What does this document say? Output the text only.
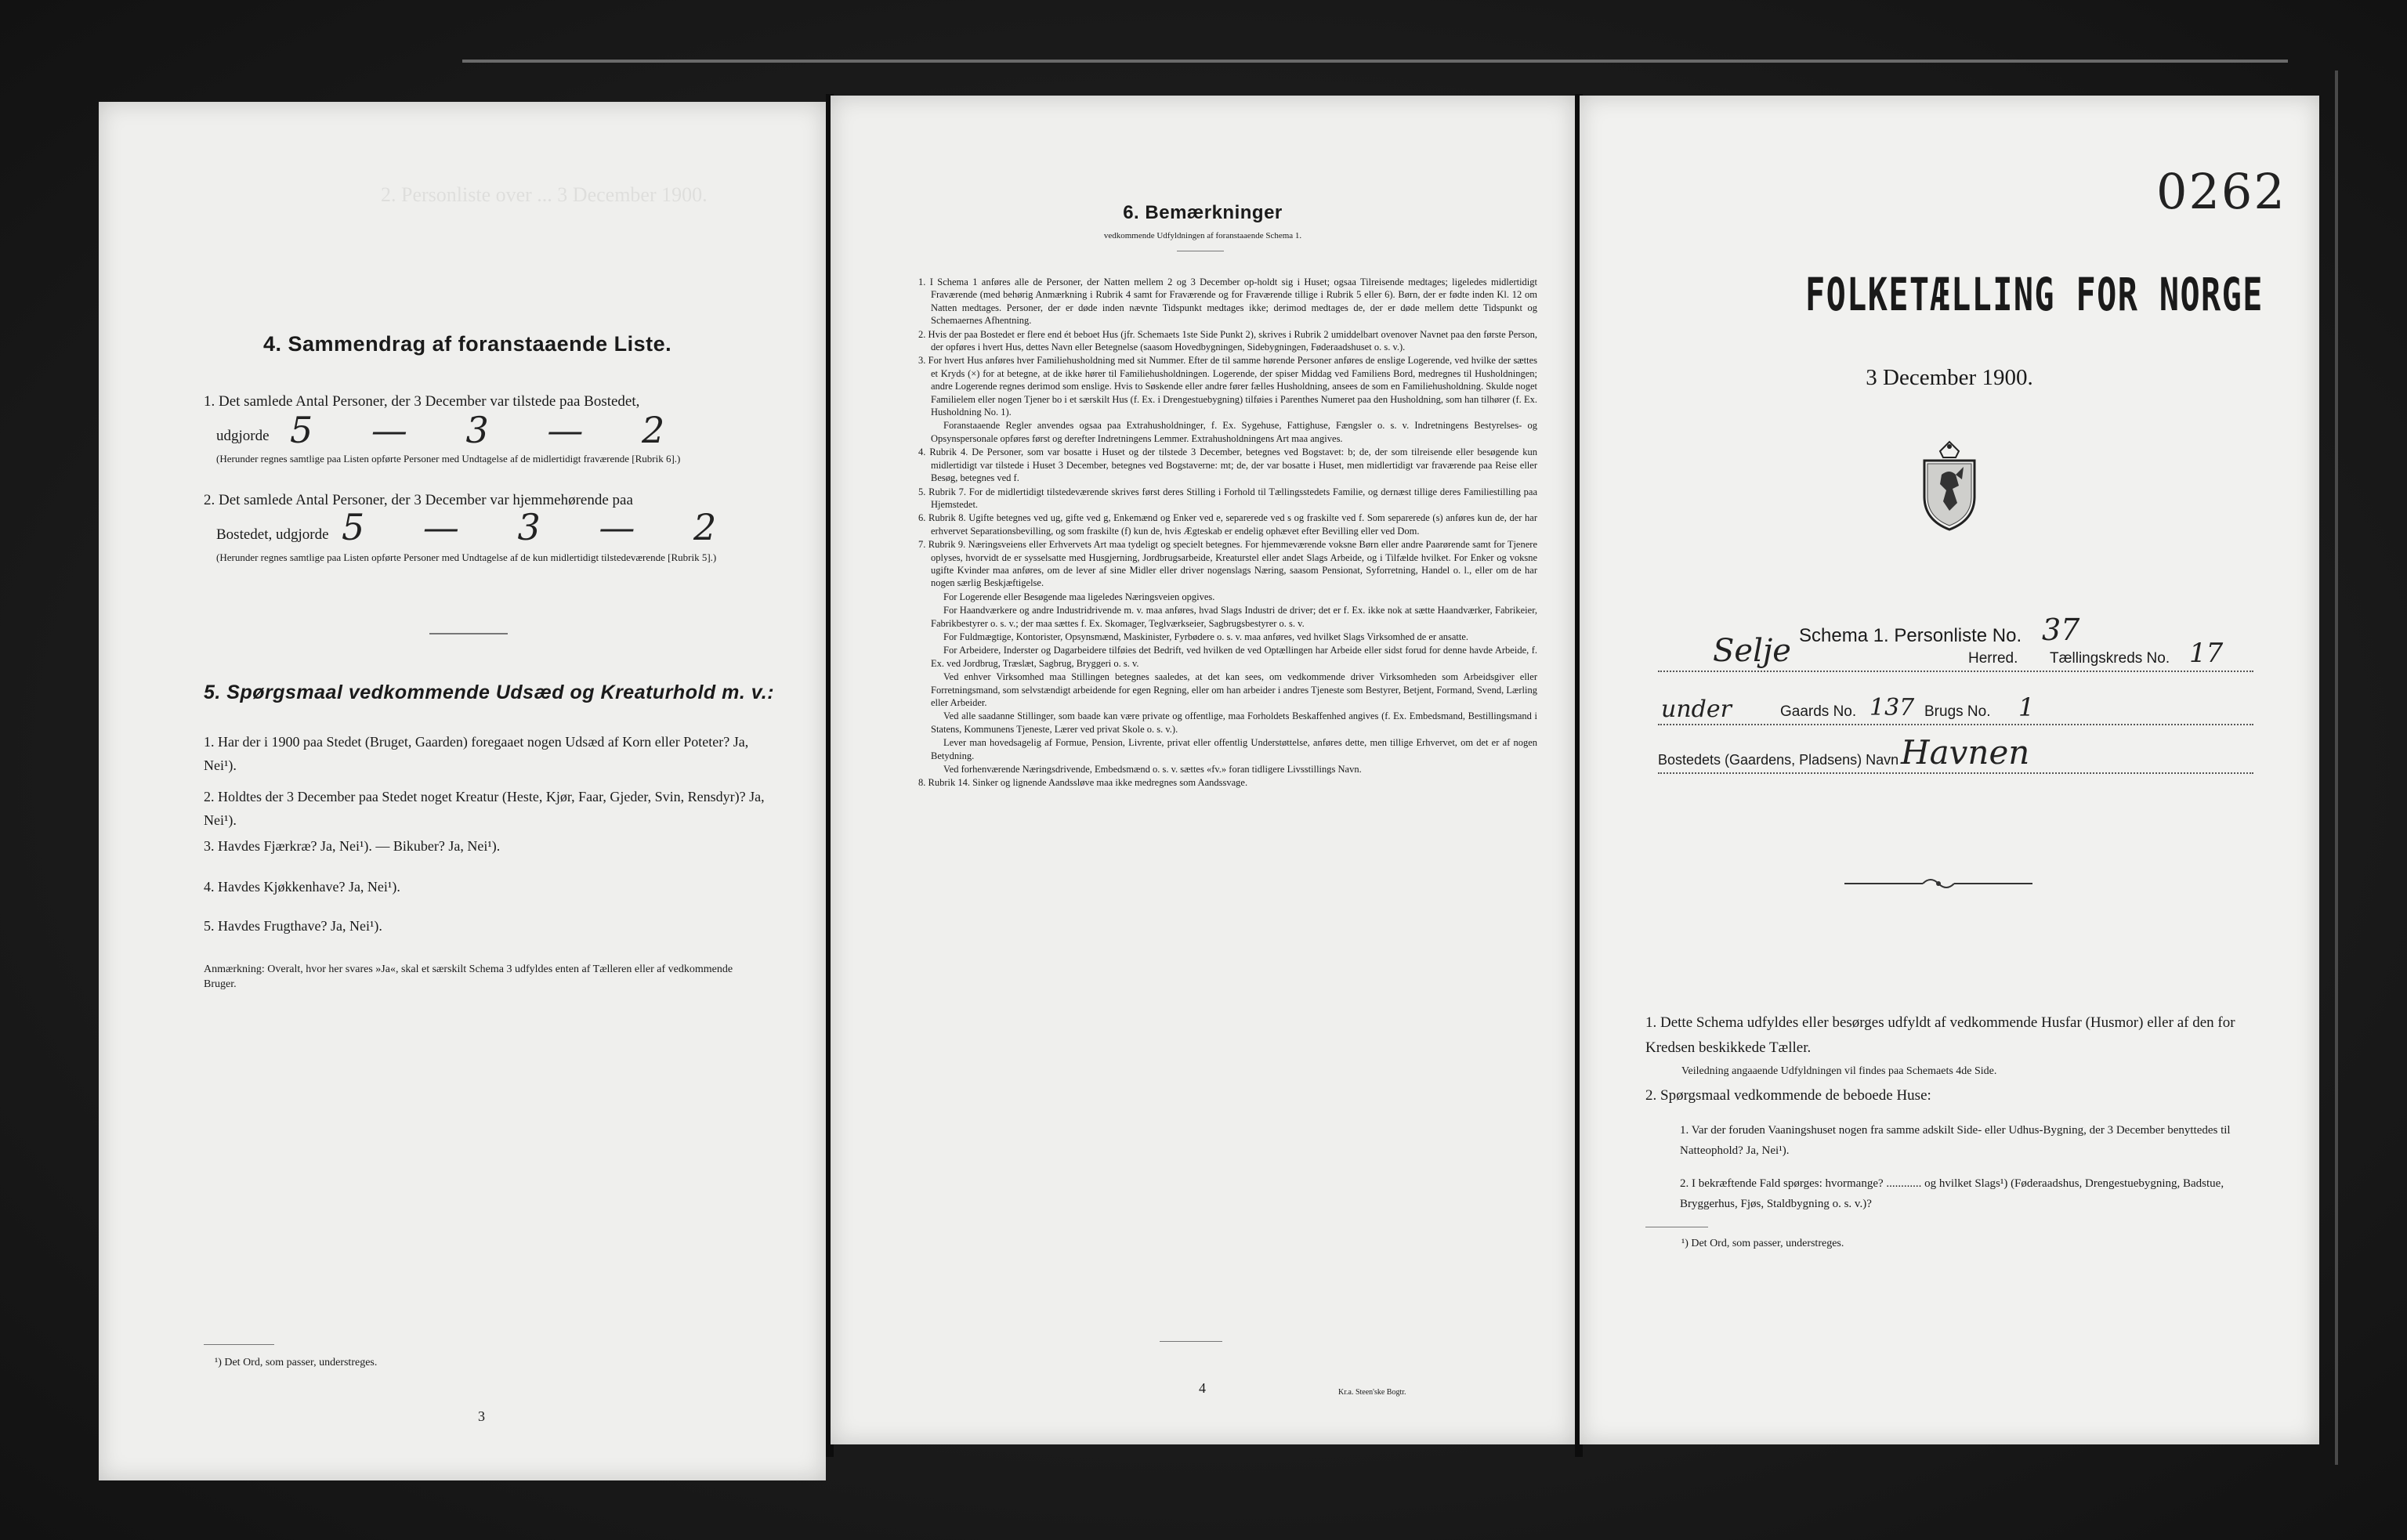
2. Personliste over ... 3 December 1900.
4. Sammendrag af foranstaaende Liste.
1. Det samlede Antal Personer, der 3 December var tilstede paa Bostedet,
udgjorde 5 — 3 — 2
(Herunder regnes samtlige paa Listen opførte Personer med Undtagelse af de midlertidigt fraværende [Rubrik 6].)
2. Det samlede Antal Personer, der 3 December var hjemmehørende paa
Bostedet, udgjorde 5 — 3 — 2
(Herunder regnes samtlige paa Listen opførte Personer med Undtagelse af de kun midlertidigt tilstedeværende [Rubrik 5].)
5. Spørgsmaal vedkommende Udsæd og Kreaturhold m. v.:
1. Har der i 1900 paa Stedet (Bruget, Gaarden) foregaaet nogen Udsæd af Korn eller Poteter? Ja, Nei¹).
2. Holdtes der 3 December paa Stedet noget Kreatur (Heste, Kjør, Faar, Gjeder, Svin, Rensdyr)? Ja, Nei¹).
3. Havdes Fjærkræ? Ja, Nei¹). — Bikuber? Ja, Nei¹).
4. Havdes Kjøkkenhave? Ja, Nei¹).
5. Havdes Frugthave? Ja, Nei¹).
Anmærkning: Overalt, hvor her svares »Ja«, skal et særskilt Schema 3 udfyldes enten af Tælleren eller af vedkommende Bruger.
¹) Det Ord, som passer, understreges.
3
6. Bemærkninger
vedkommende Udfyldningen af foranstaaende Schema 1.
1. I Schema 1 anføres alle de Personer, der Natten mellem 2 og 3 December op-holdt sig i Huset; ogsaa Tilreisende medtages; ligeledes midlertidigt Fraværende (med behørig Anmærkning i Rubrik 4 samt for Fraværende og for Fraværende tillige i Rubrik 5 eller 6). Børn, der er fødte inden Kl. 12 om Natten medtages. Personer, der er døde inden nævnte Tidspunkt medtages ikke; derimod medtages de, der er døde mellem dette Tidspunkt og Schemaernes Afhentning.
2. Hvis der paa Bostedet er flere end ét beboet Hus (jfr. Schemaets 1ste Side Punkt 2), skrives i Rubrik 2 umiddelbart ovenover Navnet paa den første Person, der opføres i hvert Hus, dettes Navn eller Betegnelse (saasom Hovedbygningen, Sidebygningen, Føderaadshuset o. s. v.).
3. For hvert Hus anføres hver Familiehusholdning med sit Nummer. Efter de til samme hørende Personer anføres de enslige Logerende, ved hvilke der sættes et Kryds (×) for at betegne, at de ikke hører til Familiehusholdningen. Logerende, der spiser Middag ved Familiens Bord, medregnes til Husholdningen; andre Logerende regnes derimod som enslige. Hvis to Søskende eller andre fører fælles Husholdning, ansees de som en Familiehusholdning. Skulde noget Familielem eller nogen Tjener bo i et særskilt Hus (f. Ex. i Drengestuebygning) tilføies i Parenthes Numeret paa den Husholdning, som han tilhører (f. Ex. Husholdning No. 1).
Foranstaaende Regler anvendes ogsaa paa Extrahusholdninger, f. Ex. Sygehuse, Fattighuse, Fængsler o. s. v. Indretningens Bestyrelses- og Opsynspersonale opføres først og derefter Indretningens Lemmer. Extrahusholdningens Art maa angives.
4. Rubrik 4. De Personer, som var bosatte i Huset og der tilstede 3 December, betegnes ved Bogstavet: b; de, der som tilreisende eller besøgende kun midlertidigt var tilstede i Huset 3 December, betegnes ved Bogstaverne: mt; de, der var bosatte i Huset, men midlertidigt var fraværende paa Reise eller Besøg, betegnes ved f.
5. Rubrik 7. For de midlertidigt tilstedeværende skrives først deres Stilling i Forhold til Tællingsstedets Familie, og dernæst tillige deres Familiestilling paa Hjemstedet.
6. Rubrik 8. Ugifte betegnes ved ug, gifte ved g, Enkemænd og Enker ved e, separerede ved s og fraskilte ved f. Som separerede (s) anføres kun de, der har erhvervet Separationsbevilling, og som fraskilte (f) kun de, hvis Ægteskab er endelig ophævet efter Bevilling eller ved Dom.
7. Rubrik 9. Næringsveiens eller Erhvervets Art maa tydeligt og specielt betegnes. For hjemmeværende voksne Børn eller andre Paarørende samt for Tjenere oplyses, hvorvidt de er sysselsatte med Husgjerning, Jordbrugsarbeide, Kreaturstel eller andet Slags Arbeide, og i Tilfælde hvilket. For Enker og voksne ugifte Kvinder maa anføres, om de lever af sine Midler eller driver nogenslags Næring, saasom Pensionat, Syforretning, Handel o. l., eller om de har nogen særlig Beskjæftigelse.
For Logerende eller Besøgende maa ligeledes Næringsveien opgives.
For Haandværkere og andre Industridrivende m. v. maa anføres, hvad Slags Industri de driver; det er f. Ex. ikke nok at sætte Haandværker, Fabrikeier, Fabrikbestyrer o. s. v.; der maa sættes f. Ex. Skomager, Teglværkseier, Sagbrugsbestyrer o. s. v.
For Fuldmægtige, Kontorister, Opsynsmænd, Maskinister, Fyrbødere o. s. v. maa anføres, ved hvilket Slags Virksomhed de er ansatte.
For Arbeidere, Inderster og Dagarbeidere tilføies det Bedrift, ved hvilken de ved Optællingen har Arbeide eller sidst forud for denne havde Arbeide, f. Ex. ved Jordbrug, Træslæt, Sagbrug, Bryggeri o. s. v.
Ved enhver Virksomhed maa Stillingen betegnes saaledes, at det kan sees, om vedkommende driver Virksomheden som Arbeidsgiver eller Forretningsmand, som selvstændigt arbeidende for egen Regning, eller om han arbeider i andres Tjeneste som Bestyrer, Betjent, Formand, Svend, Lærling eller Arbeider.
Ved alle saadanne Stillinger, som baade kan være private og offentlige, maa Forholdets Beskaffenhed angives (f. Ex. Embedsmand, Bestillingsmand i Statens, Kommunens Tjeneste, Lærer ved privat Skole o. s. v.).
Lever man hovedsagelig af Formue, Pension, Livrente, privat eller offentlig Understøttelse, anføres dette, men tillige Erhvervet, om det er af nogen Betydning.
Ved forhenværende Næringsdrivende, Embedsmænd o. s. v. sættes «fv.» foran tidligere Livsstillings Navn.
8. Rubrik 14. Sinker og lignende Aandssløve maa ikke medregnes som Aandssvage.
4	Kr.a. Steen'ske Bogtr.
0262
FOLKETÆLLING FOR NORGE
3 December 1900.
Schema 1. Personliste No. 37
Selje	Herred. Tællingskreds No. 17
under	Gaards No. 137 Brugs No. 1
Bostedets (Gaardens, Pladsens) Navn Havnen
1. Dette Schema udfyldes eller besørges udfyldt af vedkommende Husfar (Husmor) eller af den for Kredsen beskikkede Tæller.
Veiledning angaaende Udfyldningen vil findes paa Schemaets 4de Side.
2. Spørgsmaal vedkommende de beboede Huse:
1. Var der foruden Vaaningshuset nogen fra samme adskilt Side- eller Udhus-Bygning, der 3 December benyttedes til Natteophold? Ja, Nei¹).
2. I bekræftende Fald spørges: hvormange? ............ og hvilket Slags¹) (Føderaadshus, Drengestuebygning, Badstue, Bryggerhus, Fjøs, Staldbygning o. s. v.)?
¹) Det Ord, som passer, understreges.
